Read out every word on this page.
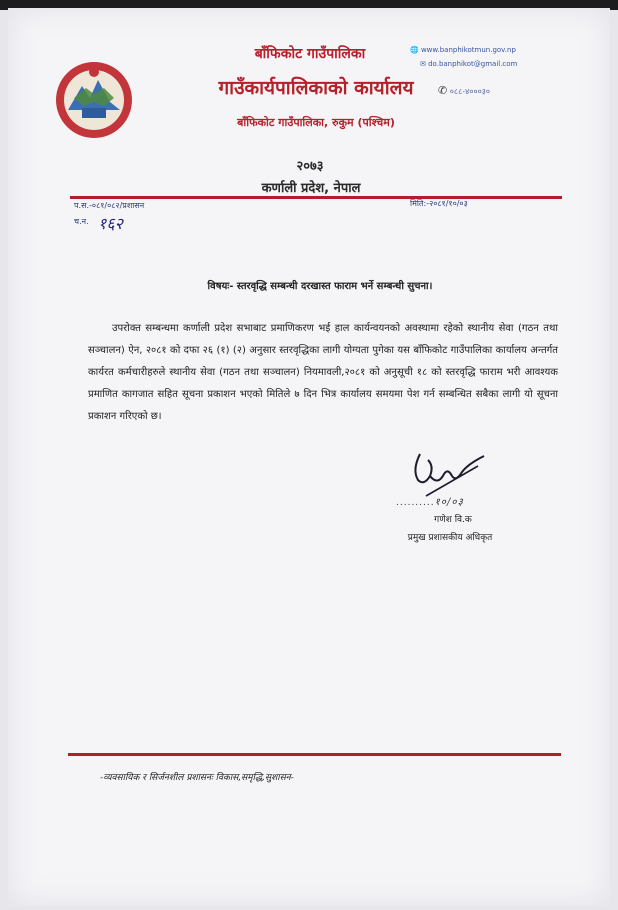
बाँफिकोट गाउँपालिका
गाउँकार्यपालिकाको कार्यालय
बाँफिकोट गाउँपालिका, रुकुम (पश्चिम)
🌐 www.banphikotmun.gov.np
✉ do.banphikot@gmail.com
✆ ०८८-४०००३०
२०७३
कर्णाली प्रदेश, नेपाल
प.स.-०८१/०८२/प्रशासन
च.न. १६२
मिति:-२०८१/१०/०३
विषयः- स्तरवृद्धि सम्बन्धी दरखास्त फाराम भर्ने सम्बन्धी सुचना।
उपरोक्त सम्बन्धमा कर्णाली प्रदेश सभाबाट प्रमाणिकरण भई हाल कार्यन्वयनको अवस्थामा रहेको स्थानीय सेवा (गठन तथा सञ्चालन) ऐन, २०८१ को दफा २६ (१) (२) अनुसार स्तरवृद्धिका लागी योग्यता पुगेका यस बाँफिकोट गाउँपालिका कार्यालय अन्तर्गत कार्यरत कर्मचारीहरुले स्थानीय सेवा (गठन तथा सञ्चालन) नियमावली,२०८१ को अनुसूची १८ को स्तरवृद्धि फाराम भरी आवश्यक प्रमाणित कागजात सहित सूचना प्रकाशन भएको मितिले ७ दिन भित्र कार्यालय समयमा पेश गर्न सम्बन्धित सबैका लागी यो सूचना प्रकाशन गरिएको छ।
..........१०/०३
गणेश वि.क
प्रमुख प्रशासकीय अधिकृत
-व्यवसायिक र सिर्जनशील प्रशासनः विकास,समृद्धि,सुशासन-
